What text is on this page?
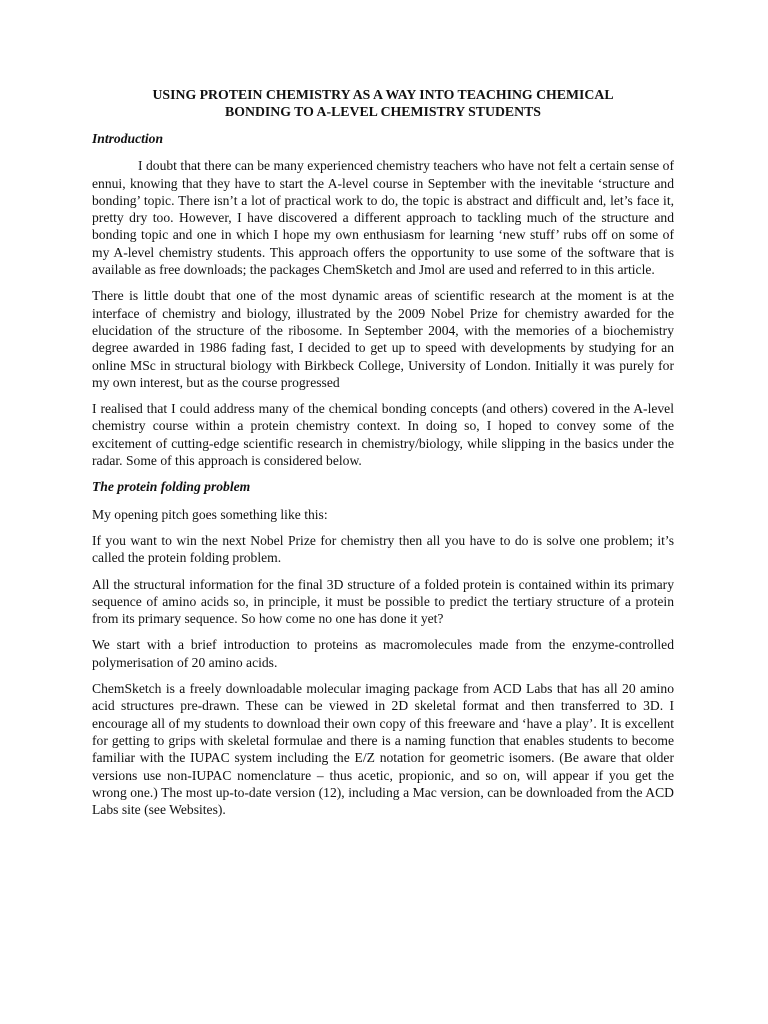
USING PROTEIN CHEMISTRY AS A WAY INTO TEACHING CHEMICAL
BONDING TO A-LEVEL CHEMISTRY STUDENTS
Introduction

I doubt that there can be many experienced chemistry teachers who have not felt a certain sense of ennui, knowing that they have to start the A-level course in September with the inevitable ‘structure and bonding’ topic. There isn’t a lot of practical work to do, the topic is abstract and difficult and, let’s face it, pretty dry too. However, I have discovered a different approach to tackling much of the structure and bonding topic and one in which I hope my own enthusiasm for learning ‘new stuff’ rubs off on some of my A-level chemistry students. This approach offers the opportunity to use some of the software that is available as free downloads; the packages ChemSketch and Jmol are used and referred to in this article.

There is little doubt that one of the most dynamic areas of scientific research at the moment is at the interface of chemistry and biology, illustrated by the 2009 Nobel Prize for chemistry awarded for the elucidation of the structure of the ribosome. In September 2004, with the memories of a biochemistry degree awarded in 1986 fading fast, I decided to get up to speed with developments by studying for an online MSc in structural biology with Birkbeck College, University of London. Initially it was purely for my own interest, but as the course progressed

I realised that I could address many of the chemical bonding concepts (and others) covered in the A-level chemistry course within a protein chemistry context. In doing so, I hoped to convey some of the excitement of cutting-edge scientific research in chemistry/biology, while slipping in the basics under the radar. Some of this approach is considered below.

The protein folding problem

My opening pitch goes something like this:

If you want to win the next Nobel Prize for chemistry then all you have to do is solve one problem; it’s called the protein folding problem.

All the structural information for the final 3D structure of a folded protein is contained within its primary sequence of amino acids so, in principle, it must be possible to predict the tertiary structure of a protein from its primary sequence. So how come no one has done it yet?

We start with a brief introduction to proteins as macromolecules made from the enzyme-controlled polymerisation of 20 amino acids.

ChemSketch is a freely downloadable molecular imaging package from ACD Labs that has all 20 amino acid structures pre-drawn. These can be viewed in 2D skeletal format and then transferred to 3D. I encourage all of my students to download their own copy of this freeware and ‘have a play’. It is excellent for getting to grips with skeletal formulae and there is a naming function that enables students to become familiar with the IUPAC system including the E/Z notation for geometric isomers. (Be aware that older versions use non-IUPAC nomenclature – thus acetic, propionic, and so on, will appear if you get the wrong one.) The most up-to-date version (12), including a Mac version, can be downloaded from the ACD Labs site (see Websites).
